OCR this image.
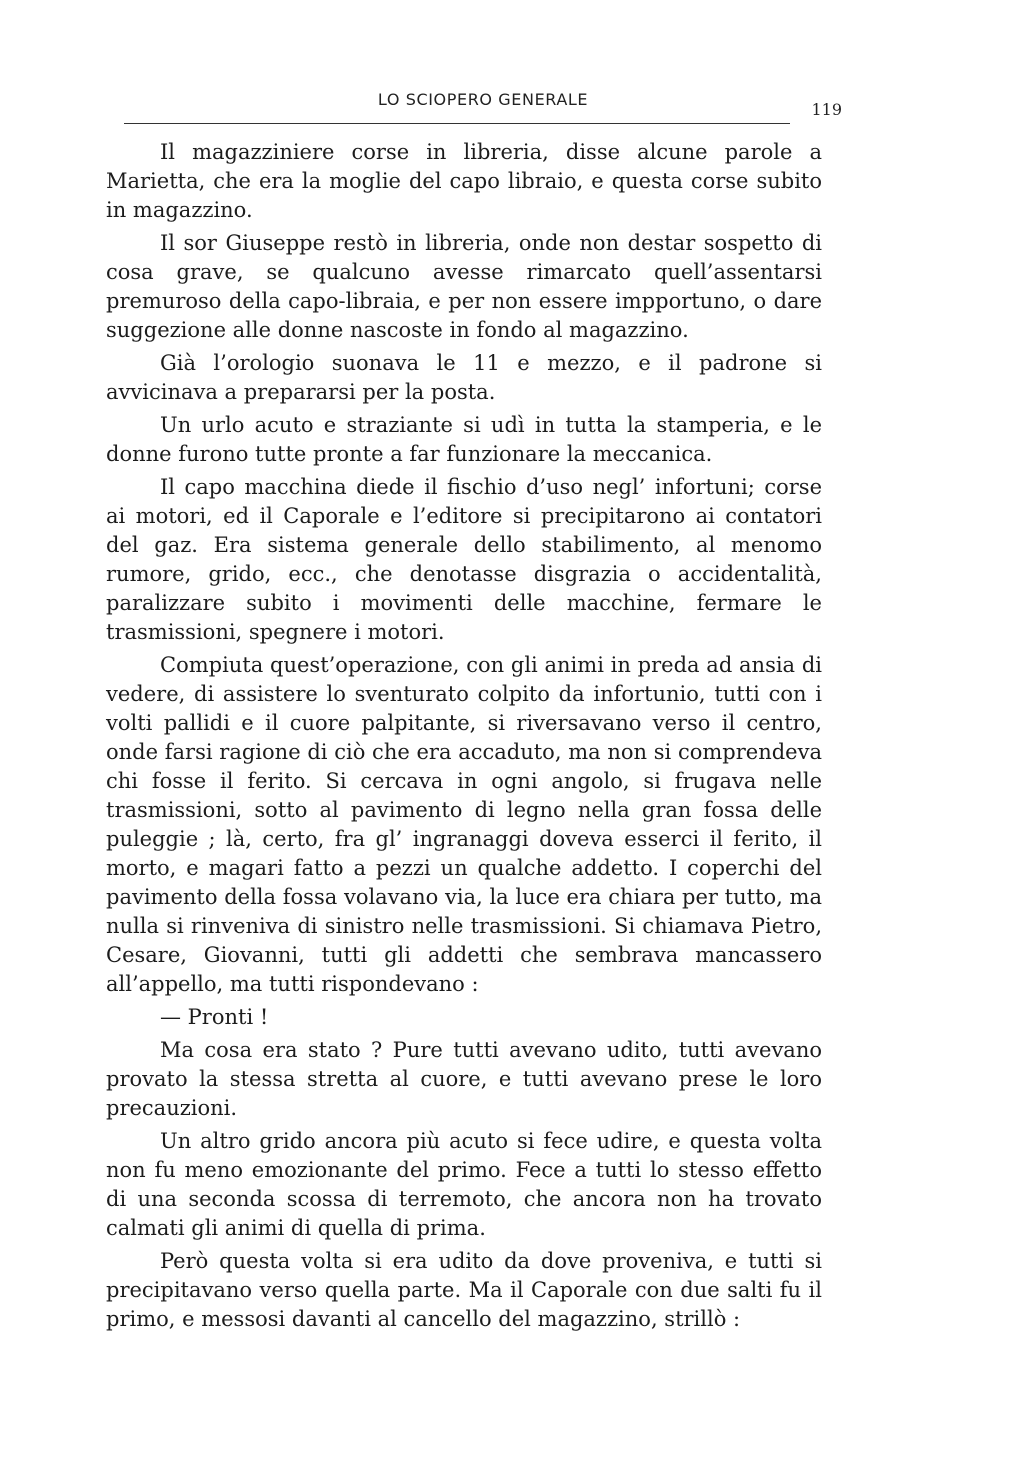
LO SCIOPERO GENERALE
119

Il magazziniere corse in libreria, disse alcune parole a Marietta, che era la moglie del capo libraio, e questa corse subito in magazzino.

Il sor Giuseppe restò in libreria, onde non destar sospetto di cosa grave, se qualcuno avesse rimarcato quell’assentarsi premuroso della capo-libraia, e per non essere impportuno, o dare suggezione alle donne nascoste in fondo al magazzino.

Già l’orologio suonava le 11 e mezzo, e il padrone si avvicinava a prepararsi per la posta.

Un urlo acuto e straziante si udì in tutta la stamperia, e le donne furono tutte pronte a far funzionare la meccanica.

Il capo macchina diede il fischio d’uso negl’ infortuni; corse ai motori, ed il Caporale e l’editore si precipitarono ai contatori del gaz. Era sistema generale dello stabilimento, al menomo rumore, grido, ecc., che denotasse disgrazia o accidentalità, paralizzare subito i movimenti delle macchine, fermare le trasmissioni, spegnere i motori.

Compiuta quest’operazione, con gli animi in preda ad ansia di vedere, di assistere lo sventurato colpito da infortunio, tutti con i volti pallidi e il cuore palpitante, si riversavano verso il centro, onde farsi ragione di ciò che era accaduto, ma non si comprendeva chi fosse il ferito. Si cercava in ogni angolo, si frugava nelle trasmissioni, sotto al pavimento di legno nella gran fossa delle puleggie ; là, certo, fra gl’ ingranaggi doveva esserci il ferito, il morto, e magari fatto a pezzi un qualche addetto. I coperchi del pavimento della fossa volavano via, la luce era chiara per tutto, ma nulla si rinveniva di sinistro nelle trasmissioni. Si chiamava Pietro, Cesare, Giovanni, tutti gli addetti che sembrava mancassero all’appello, ma tutti rispondevano :

— Pronti !

Ma cosa era stato ? Pure tutti avevano udito, tutti avevano provato la stessa stretta al cuore, e tutti avevano prese le loro precauzioni.

Un altro grido ancora più acuto si fece udire, e questa volta non fu meno emozionante del primo. Fece a tutti lo stesso effetto di una seconda scossa di terremoto, che ancora non ha trovato calmati gli animi di quella di prima.

Però questa volta si era udito da dove proveniva, e tutti si precipitavano verso quella parte. Ma il Caporale con due salti fu il primo, e messosi davanti al cancello del magazzino, strillò :
